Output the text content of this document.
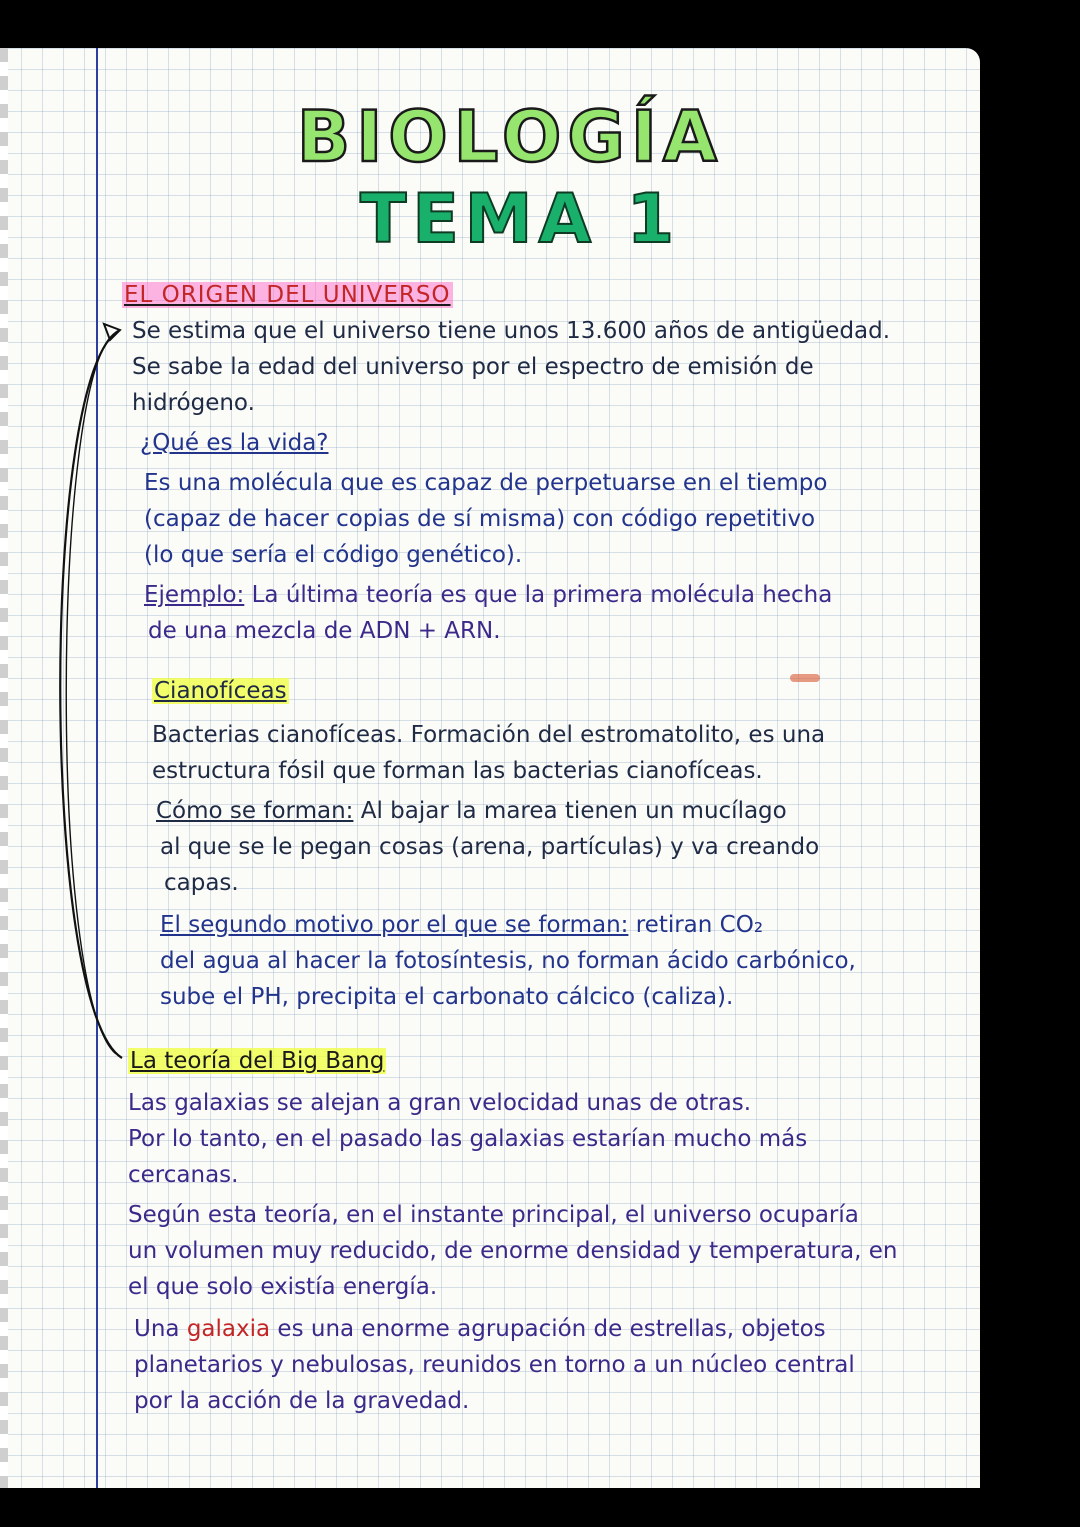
BIOLOGÍA
TEMA 1
EL ORIGEN DEL UNIVERSO
Se estima que el universo tiene unos 13.600 años de antigüedad.
Se sabe la edad del universo por el espectro de emisión de
hidrógeno.
¿Qué es la vida?
Es una molécula que es capaz de perpetuarse en el tiempo
(capaz de hacer copias de sí misma) con código repetitivo
(lo que sería el código genético).
Ejemplo: La última teoría es que la primera molécula hecha
de una mezcla de ADN + ARN.
Cianofíceas
Bacterias cianofíceas. Formación del estromatolito, es una
estructura fósil que forman las bacterias cianofíceas.
Cómo se forman: Al bajar la marea tienen un mucílago
al que se le pegan cosas (arena, partículas) y va creando
capas.
El segundo motivo por el que se forman: retiran CO₂
del agua al hacer la fotosíntesis, no forman ácido carbónico,
sube el PH, precipita el carbonato cálcico (caliza).
La teoría del Big Bang
Las galaxias se alejan a gran velocidad unas de otras.
Por lo tanto, en el pasado las galaxias estarían mucho más
cercanas.
Según esta teoría, en el instante principal, el universo ocuparía
un volumen muy reducido, de enorme densidad y temperatura, en
el que solo existía energía.
Una galaxia es una enorme agrupación de estrellas, objetos
planetarios y nebulosas, reunidos en torno a un núcleo central
por la acción de la gravedad.
